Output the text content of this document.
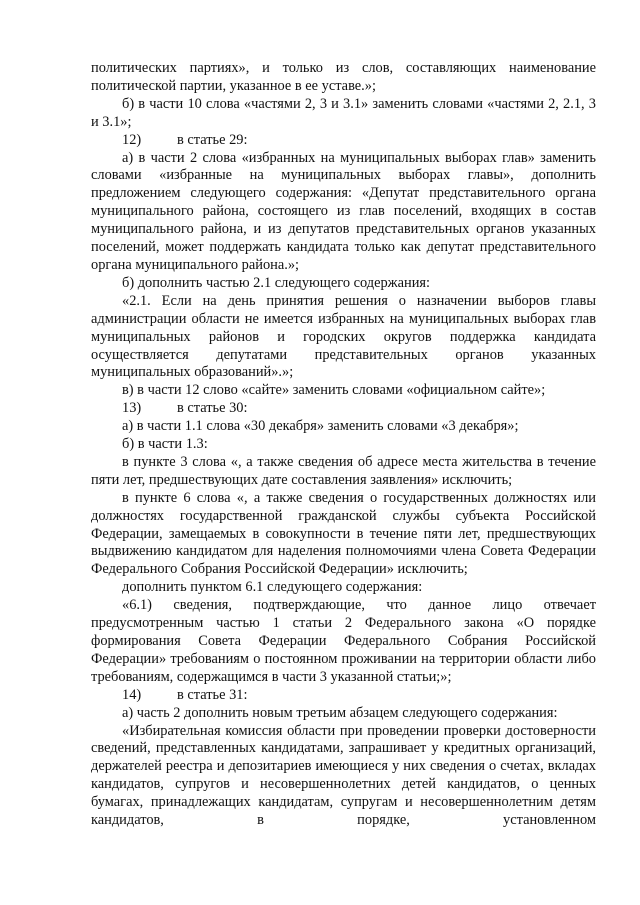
политических партиях», и только из слов, составляющих наименование политической партии, указанное в ее уставе.»;

б) в части 10 слова «частями 2, 3 и 3.1» заменить словами «частями 2, 2.1, 3 и 3.1»;

12) в статье 29:

а) в части 2 слова «избранных на муниципальных выборах глав» заменить словами «избранные на муниципальных выборах главы», дополнить предложением следующего содержания: «Депутат представительного органа муниципального района, состоящего из глав поселений, входящих в состав муниципального района, и из депутатов представительных органов указанных поселений, может поддержать кандидата только как депутат представительного органа муниципального района.»;

б) дополнить частью 2.1 следующего содержания:

«2.1. Если на день принятия решения о назначении выборов главы администрации области не имеется избранных на муниципальных выборах глав муниципальных районов и городских округов поддержка кандидата осуществляется депутатами представительных органов указанных муниципальных образований».»;

в) в части 12 слово «сайте» заменить словами «официальном сайте»;

13) в статье 30:

а) в части 1.1 слова «30 декабря» заменить словами «3 декабря»;

б) в части 1.3:

в пункте 3 слова «, а также сведения об адресе места жительства в течение пяти лет, предшествующих дате составления заявления» исключить;

в пункте 6 слова «, а также сведения о государственных должностях или должностях государственной гражданской службы субъекта Российской Федерации, замещаемых в совокупности в течение пяти лет, предшествующих выдвижению кандидатом для наделения полномочиями члена Совета Федерации Федерального Собрания Российской Федерации» исключить;

дополнить пунктом 6.1 следующего содержания:

«6.1) сведения, подтверждающие, что данное лицо отвечает предусмотренным частью 1 статьи 2 Федерального закона «О порядке формирования Совета Федерации Федерального Собрания Российской Федерации» требованиям о постоянном проживании на территории области либо требованиям, содержащимся в части 3 указанной статьи;»;

14) в статье 31:

а) часть 2 дополнить новым третьим абзацем следующего содержания:

«Избирательная комиссия области при проведении проверки достоверности сведений, представленных кандидатами, запрашивает у кредитных организаций, держателей реестра и депозитариев имеющиеся у них сведения о счетах, вкладах кандидатов, супругов и несовершеннолетних детей кандидатов, о ценных бумагах, принадлежащих кандидатам, супругам и несовершеннолетним детям кандидатов, в порядке, установленном
